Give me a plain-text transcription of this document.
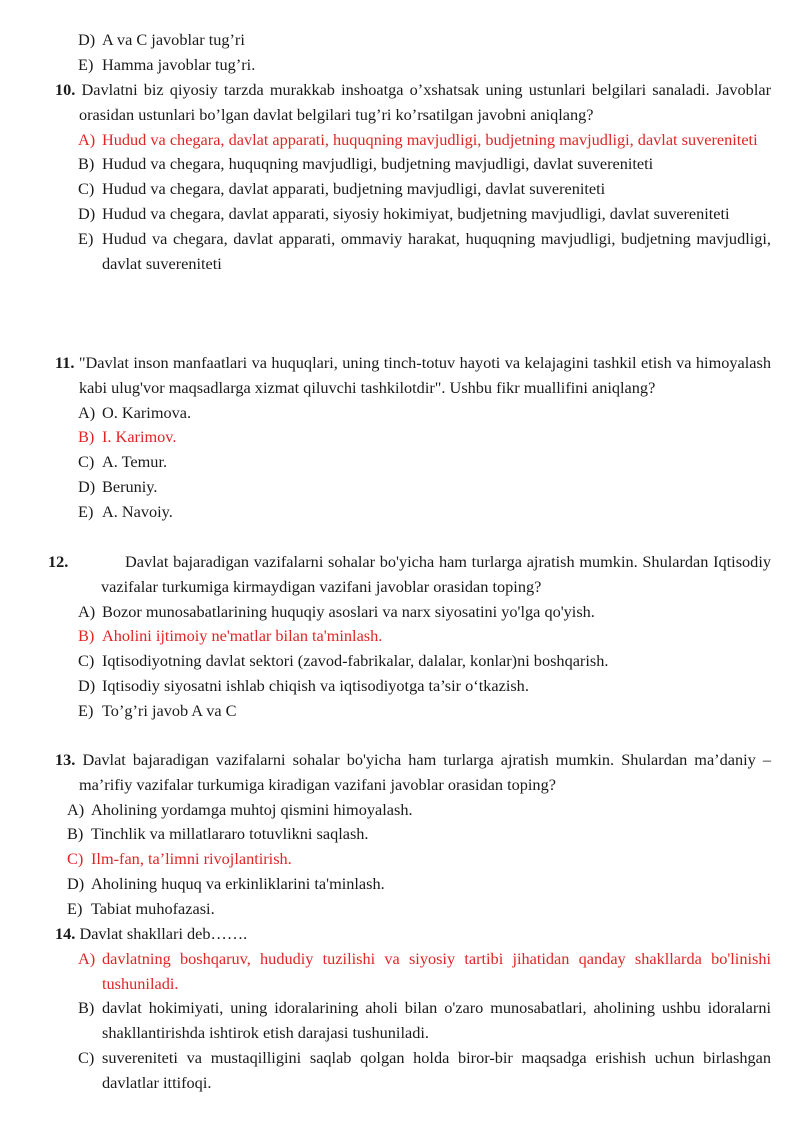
D) A va C javoblar tug’ri
E) Hamma javoblar tug’ri.
10. Davlatni biz qiyosiy tarzda murakkab inshoatga o’xshatsak uning ustunlari belgilari sanaladi. Javoblar orasidan ustunlari bo’lgan davlat belgilari tug’ri ko’rsatilgan javobni aniqlang?
A) Hudud va chegara, davlat apparati, huquqning mavjudligi, budjetning mavjudligi, davlat suvereniteti
B) Hudud va chegara, huquqning mavjudligi, budjetning mavjudligi, davlat suvereniteti
C) Hudud va chegara, davlat apparati, budjetning mavjudligi, davlat suvereniteti
D) Hudud va chegara, davlat apparati, siyosiy hokimiyat, budjetning mavjudligi, davlat suvereniteti
E) Hudud va chegara, davlat apparati, ommaviy harakat, huquqning mavjudligi, budjetning mavjudligi, davlat suvereniteti
11. "Davlat inson manfaatlari va huquqlari, uning tinch-totuv hayoti va kelajagini tashkil etish va himoyalash kabi ulug'vor maqsadlarga xizmat qiluvchi tashkilotdir". Ushbu fikr muallifini aniqlang?
A) O. Karimova.
B) I. Karimov.
C) A. Temur.
D) Beruniy.
E) A. Navoiy.
12.	Davlat bajaradigan vazifalarni sohalar bo'yicha ham turlarga ajratish mumkin. Shulardan Iqtisodiy vazifalar turkumiga kirmaydigan vazifani javoblar orasidan toping?
A) Bozor munosabatlarining huquqiy asoslari va narx siyosatini yo'lga qo'yish.
B) Aholini ijtimoiy ne'matlar bilan ta'minlash.
C) Iqtisodiyotning davlat sektori (zavod-fabrikalar, dalalar, konlar)ni boshqarish.
D) Iqtisodiy siyosatni ishlab chiqish va iqtisodiyotga ta’sir o‘tkazish.
E) To’g’ri javob A va C
13. Davlat bajaradigan vazifalarni sohalar bo'yicha ham turlarga ajratish mumkin. Shulardan ma’daniy – ma’rifiy vazifalar turkumiga kiradigan vazifani javoblar orasidan toping?
A) Aholining yordamga muhtoj qismini himoyalash.
B) Tinchlik va millatlararo totuvlikni saqlash.
C) Ilm-fan, ta’limni rivojlantirish.
D) Aholining huquq va erkinliklarini ta'minlash.
E) Tabiat muhofazasi.
14. Davlat shakllari deb…….
A) davlatning boshqaruv, hududiy tuzilishi va siyosiy tartibi jihatidan qanday shakllarda bo'linishi tushuniladi.
B) davlat hokimiyati, uning idoralarining aholi bilan o'zaro munosabatlari, aholining ushbu idoralarni shakllantirishda ishtirok etish darajasi tushuniladi.
C) suvereniteti va mustaqilligini saqlab qolgan holda biror-bir maqsadga erishish uchun birlashgan davlatlar ittifoqi.
